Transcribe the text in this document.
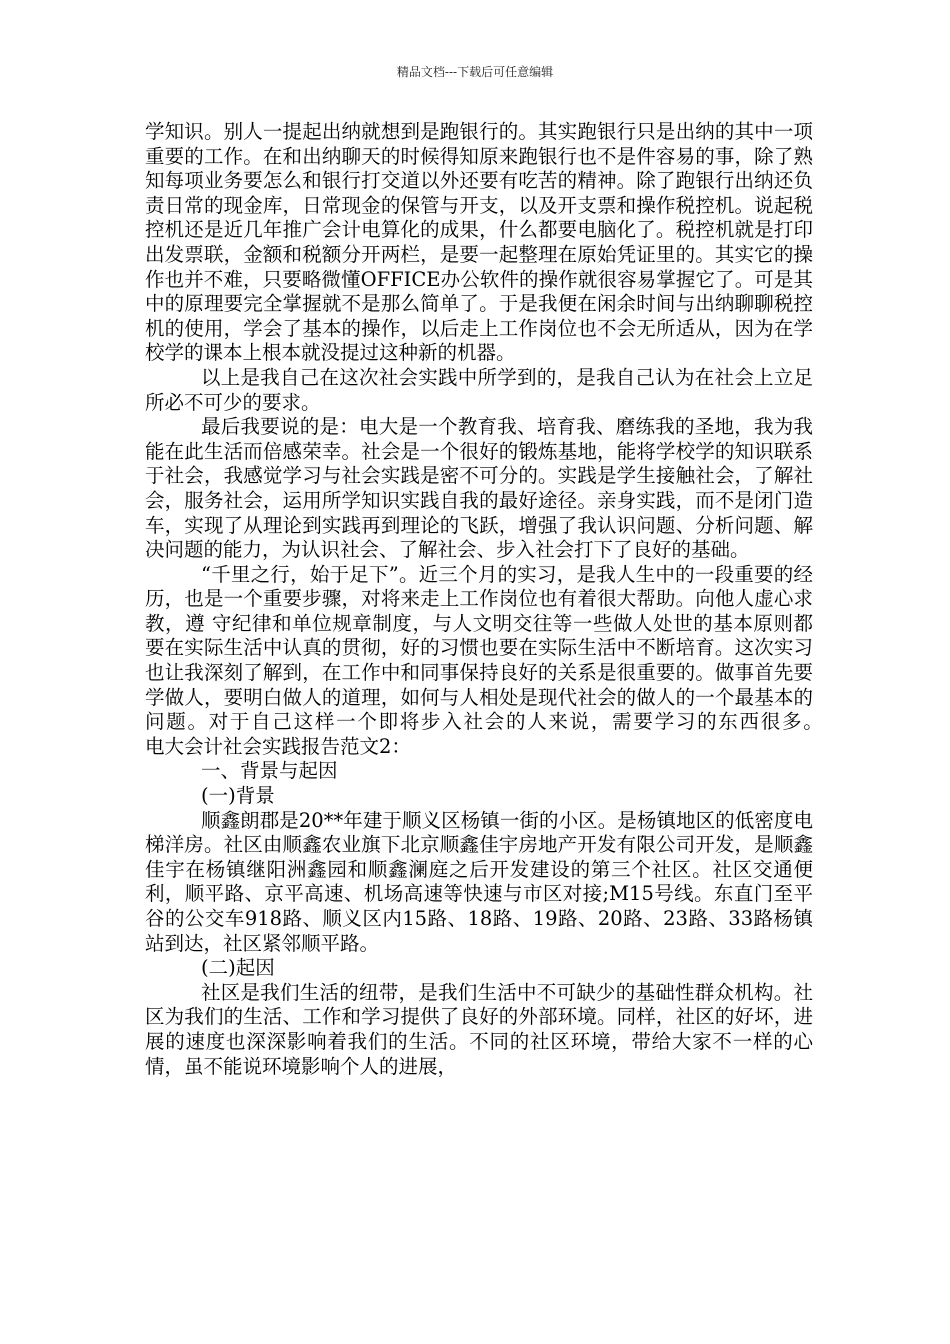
精品文档---下载后可任意编辑

学知识。别人一提起出纳就想到是跑银行的。其实跑银行只是出纳的其中一项重要的工作。在和出纳聊天的时候得知原来跑银行也不是件容易的事，除了熟知每项业务要怎么和银行打交道以外还要有吃苦的精神。除了跑银行出纳还负责日常的现金库，日常现金的保管与开支，以及开支票和操作税控机。说起税控机还是近几年推广会计电算化的成果，什么都要电脑化了。税控机就是打印出发票联，金额和税额分开两栏，是要一起整理在原始凭证里的。其实它的操作也并不难，只要略微懂OFFICE办公软件的操作就很容易掌握它了。可是其中的原理要完全掌握就不是那么简单了。于是我便在闲余时间与出纳聊聊税控机的使用，学会了基本的操作，以后走上工作岗位也不会无所适从，因为在学校学的课本上根本就没提过这种新的机器。

以上是我自己在这次社会实践中所学到的，是我自己认为在社会上立足所必不可少的要求。

最后我要说的是：电大是一个教育我、培育我、磨练我的圣地，我为我能在此生活而倍感荣幸。社会是一个很好的锻炼基地，能将学校学的知识联系于社会，我感觉学习与社会实践是密不可分的。实践是学生接触社会，了解社会，服务社会，运用所学知识实践自我的最好途径。亲身实践，而不是闭门造车，实现了从理论到实践再到理论的飞跃，增强了我认识问题、分析问题、解决问题的能力，为认识社会、了解社会、步入社会打下了良好的基础。

“千里之行，始于足下”。近三个月的实习，是我人生中的一段重要的经历，也是一个重要步骤，对将来走上工作岗位也有着很大帮助。向他人虚心求教，遵 守纪律和单位规章制度，与人文明交往等一些做人处世的基本原则都要在实际生活中认真的贯彻，好的习惯也要在实际生活中不断培育。这次实习也让我深刻了解到，在工作中和同事保持良好的关系是很重要的。做事首先要学做人，要明白做人的道理，如何与人相处是现代社会的做人的一个最基本的问题。对于自己这样一个即将步入社会的人来说，需要学习的东西很多。　　电大会计社会实践报告范文2：

一、背景与起因

(一)背景

顺鑫朗郡是20**年建于顺义区杨镇一街的小区。是杨镇地区的低密度电梯洋房。社区由顺鑫农业旗下北京顺鑫佳宇房地产开发有限公司开发，是顺鑫佳宇在杨镇继阳洲鑫园和顺鑫澜庭之后开发建设的第三个社区。社区交通便利，顺平路、京平高速、机场高速等快速与市区对接;M15号线。东直门至平谷的公交车918路、顺义区内15路、18路、19路、20路、23路、33路杨镇站到达，社区紧邻顺平路。

(二)起因

社区是我们生活的纽带，是我们生活中不可缺少的基础性群众机构。社区为我们的生活、工作和学习提供了良好的外部环境。同样，社区的好坏，进展的速度也深深影响着我们的生活。不同的社区环境，带给大家不一样的心情，虽不能说环境影响个人的进展，
